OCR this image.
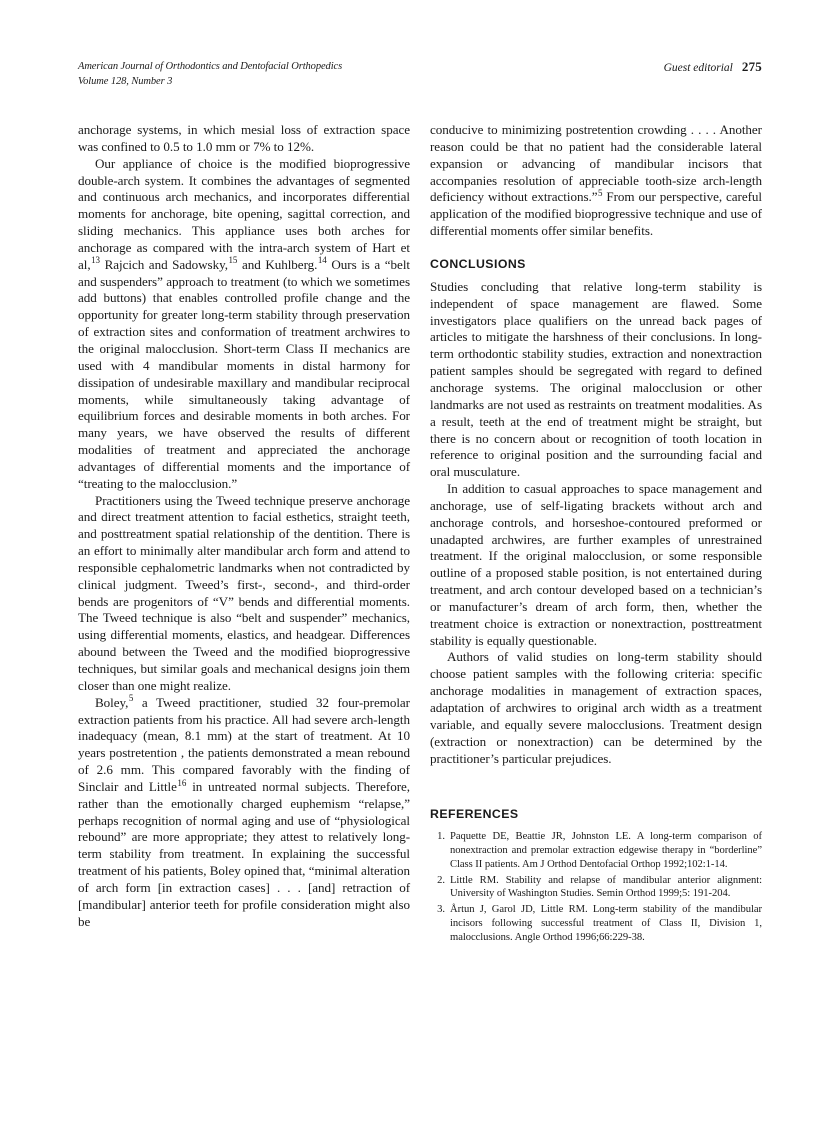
American Journal of Orthodontics and Dentofacial Orthopedics
Volume 128, Number 3
Guest editorial 275

anchorage systems, in which mesial loss of extraction space was confined to 0.5 to 1.0 mm or 7% to 12%.

Our appliance of choice is the modified bioprogressive double-arch system. It combines the advantages of segmented and continuous arch mechanics, and incorporates differential moments for anchorage, bite opening, sagittal correction, and sliding mechanics. This appliance uses both arches for anchorage as compared with the intra-arch system of Hart et al,$^{13}$ Rajcich and Sadowsky,$^{15}$ and Kuhlberg.$^{14}$ Ours is a “belt and suspenders” approach to treatment (to which we sometimes add buttons) that enables controlled profile change and the opportunity for greater long-term stability through preservation of extraction sites and conformation of treatment archwires to the original malocclusion. Short-term Class II mechanics are used with 4 mandibular moments in distal harmony for dissipation of undesirable maxillary and mandibular reciprocal moments, while simultaneously taking advantage of equilibrium forces and desirable moments in both arches. For many years, we have observed the results of different modalities of treatment and appreciated the anchorage advantages of differential moments and the importance of “treating to the malocclusion.”

Practitioners using the Tweed technique preserve anchorage and direct treatment attention to facial esthetics, straight teeth, and posttreatment spatial relationship of the dentition. There is an effort to minimally alter mandibular arch form and attend to responsible cephalometric landmarks when not contradicted by clinical judgment. Tweed’s first-, second-, and third-order bends are progenitors of “V” bends and differential moments. The Tweed technique is also “belt and suspender” mechanics, using differential moments, elastics, and headgear. Differences abound between the Tweed and the modified bioprogressive techniques, but similar goals and mechanical designs join them closer than one might realize.

Boley,$^5$ a Tweed practitioner, studied 32 four-premolar extraction patients from his practice. All had severe arch-length inadequacy (mean, 8.1 mm) at the start of treatment. At 10 years postretention , the patients demonstrated a mean rebound of 2.6 mm. This compared favorably with the finding of Sinclair and Little$^{16}$ in untreated normal subjects. Therefore, rather than the emotionally charged euphemism “relapse,” perhaps recognition of normal aging and use of “physiological rebound” are more appropriate; they attest to relatively long-term stability from treatment. In explaining the successful treatment of his patients, Boley opined that, “minimal alteration of arch form [in extraction cases] . . . [and] retraction of [mandibular] anterior teeth for profile consideration might also be

conducive to minimizing postretention crowding . . . . Another reason could be that no patient had the considerable lateral expansion or advancing of mandibular incisors that accompanies resolution of appreciable tooth-size arch-length deficiency without extractions.”$^5$ From our perspective, careful application of the modified bioprogressive technique and use of differential moments offer similar benefits.

CONCLUSIONS

Studies concluding that relative long-term stability is independent of space management are flawed. Some investigators place qualifiers on the unread back pages of articles to mitigate the harshness of their conclusions. In long-term orthodontic stability studies, extraction and nonextraction patient samples should be segregated with regard to defined anchorage systems. The original malocclusion or other landmarks are not used as restraints on treatment modalities. As a result, teeth at the end of treatment might be straight, but there is no concern about or recognition of tooth location in reference to original position and the surrounding facial and oral musculature.

In addition to casual approaches to space management and anchorage, use of self-ligating brackets without arch and anchorage controls, and horseshoe-contoured preformed or unadapted archwires, are further examples of unrestrained treatment. If the original malocclusion, or some responsible outline of a proposed stable position, is not entertained during treatment, and arch contour developed based on a technician’s or manufacturer’s dream of arch form, then, whether the treatment choice is extraction or nonextraction, posttreatment stability is equally questionable.

Authors of valid studies on long-term stability should choose patient samples with the following criteria: specific anchorage modalities in management of extraction spaces, adaptation of archwires to original arch width as a treatment variable, and equally severe malocclusions. Treatment design (extraction or nonextraction) can be determined by the practitioner’s particular prejudices.

REFERENCES
1. Paquette DE, Beattie JR, Johnston LE. A long-term comparison of nonextraction and premolar extraction edgewise therapy in “borderline” Class II patients. Am J Orthod Dentofacial Orthop 1992;102:1-14.
2. Little RM. Stability and relapse of mandibular anterior alignment: University of Washington Studies. Semin Orthod 1999;5: 191-204.
3. Årtun J, Garol JD, Little RM. Long-term stability of the mandibular incisors following successful treatment of Class II, Division 1, malocclusions. Angle Orthod 1996;66:229-38.
